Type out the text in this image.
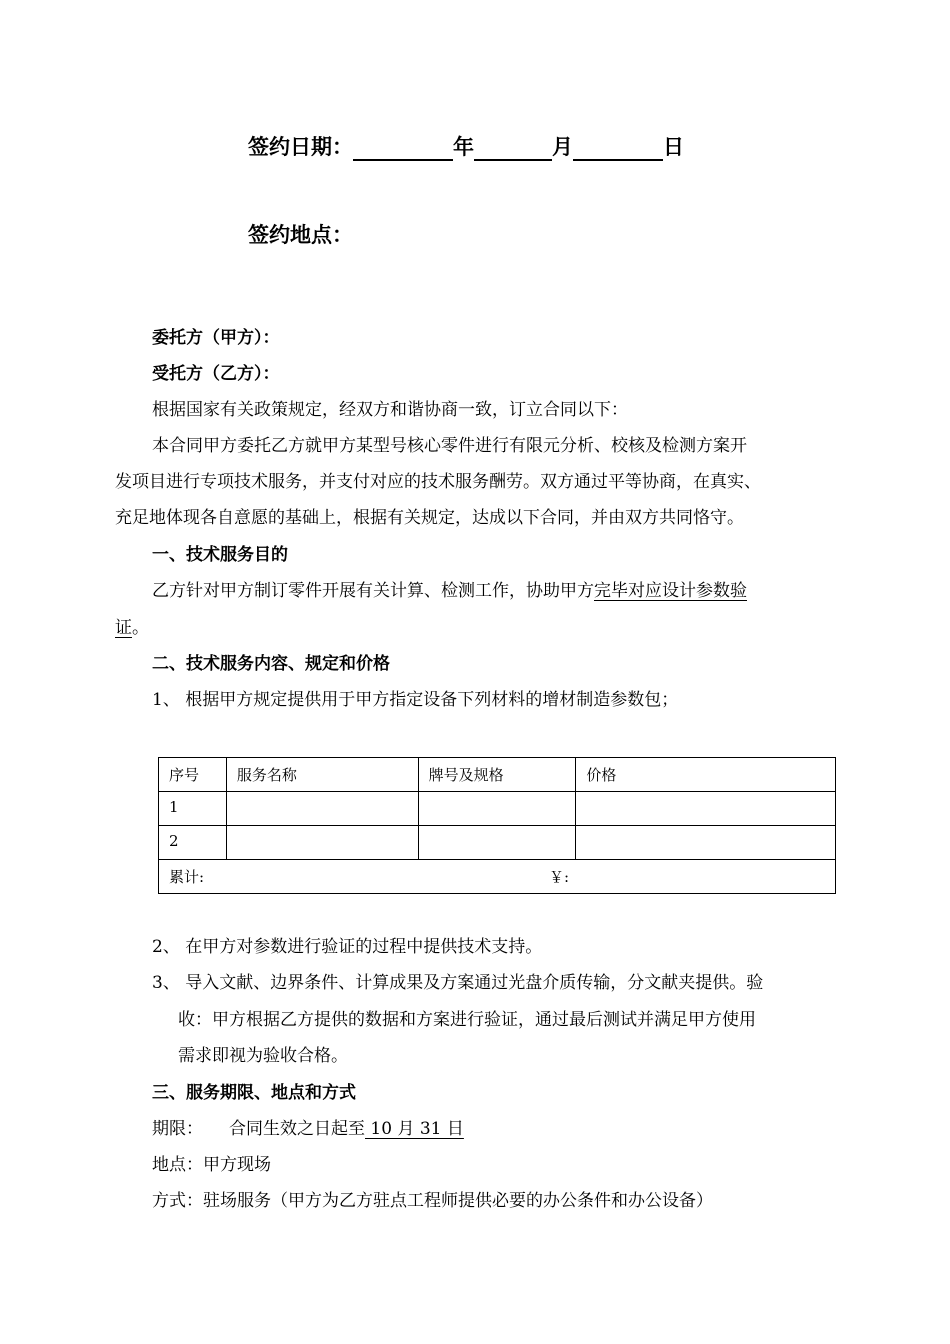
签约日期：	年	月	日
签约地点：
委托方（甲方）：
受托方（乙方）：
根据国家有关政策规定，经双方和谐协商一致，订立合同以下：
本合同甲方委托乙方就甲方某型号核心零件进行有限元分析、校核及检测方案开
发项目进行专项技术服务，并支付对应的技术服务酬劳。双方通过平等协商，在真实、
充足地体现各自意愿的基础上，根据有关规定，达成以下合同，并由双方共同恪守。
一、技术服务目的
乙方针对甲方制订零件开展有关计算、检测工作，协助甲方完毕对应设计参数验
证。
二、技术服务内容、规定和价格
1、 根据甲方规定提供用于甲方指定设备下列材料的增材制造参数包；
序号	服务名称	牌号及规格	价格
1			
2			
累计: ￥:			
2、 在甲方对参数进行验证的过程中提供技术支持。
3、 导入文献、边界条件、计算成果及方案通过光盘介质传输，分文献夹提供。验
收：甲方根据乙方提供的数据和方案进行验证，通过最后测试并满足甲方使用
需求即视为验收合格。
三、服务期限、地点和方式
期限： 合同生效之日起至 10 月 31 日
地点：甲方现场
方式：驻场服务（甲方为乙方驻点工程师提供必要的办公条件和办公设备）
